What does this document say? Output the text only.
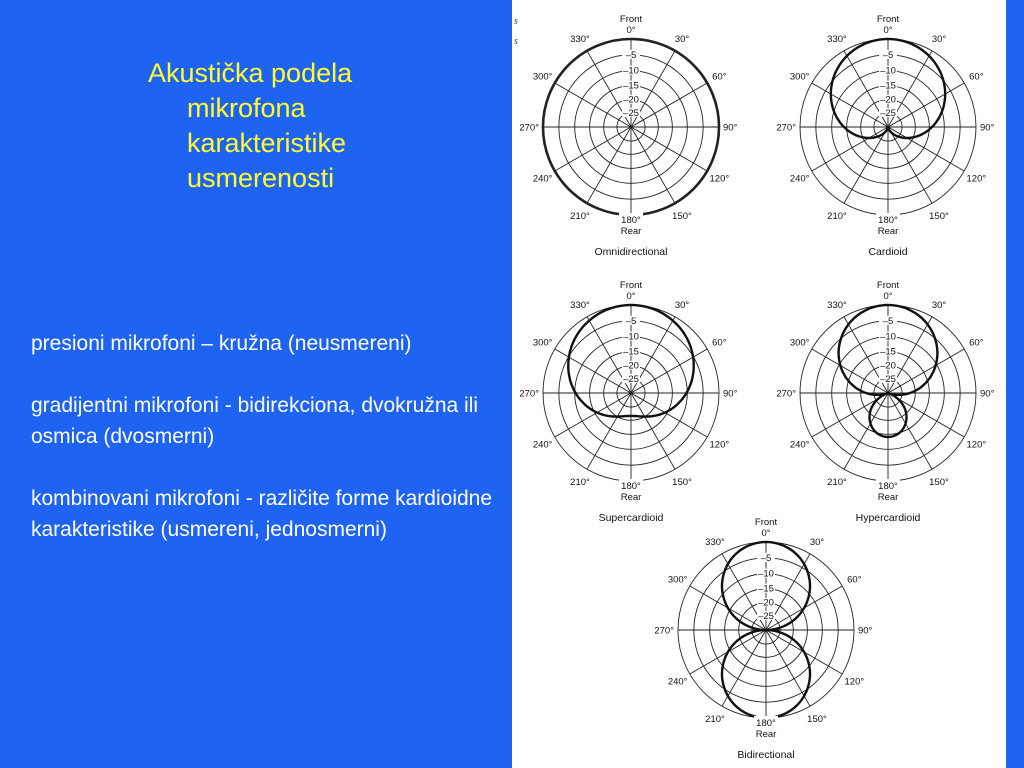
Akustička podela
mikrofona
karakteristike
usmerenosti

presioni mikrofoni – kružna (neusmereni)

gradijentni mikrofoni - bidirekciona, dvokružna ili osmica (dvosmerni)

kombinovani mikrofoni - različite forme kardioidne karakteristike (usmereni, jednosmerni)

Front
0°
–5
–10
–15
–20
–25
30°
60°
90°
120°
150°
210°
240°
270°
300°
330°
180°
Rear
Omnidirectional
Front
0°
–5
–10
–15
–20
–25
30°
60°
90°
120°
150°
210°
240°
270°
300°
330°
180°
Rear
Cardioid
Front
0°
–5
–10
–15
–20
–25
30°
60°
90°
120°
150°
210°
240°
270°
300°
330°
180°
Rear
Supercardioid
Front
0°
–5
–10
–15
–20
–25
30°
60°
90°
120°
150°
210°
240°
270°
300°
330°
180°
Rear
Hypercardioid
Front
0°
–5
–10
–15
–20
–25
30°
60°
90°
120°
150°
210°
240°
270°
300°
330°
180°
Rear
Bidirectional
s
s
